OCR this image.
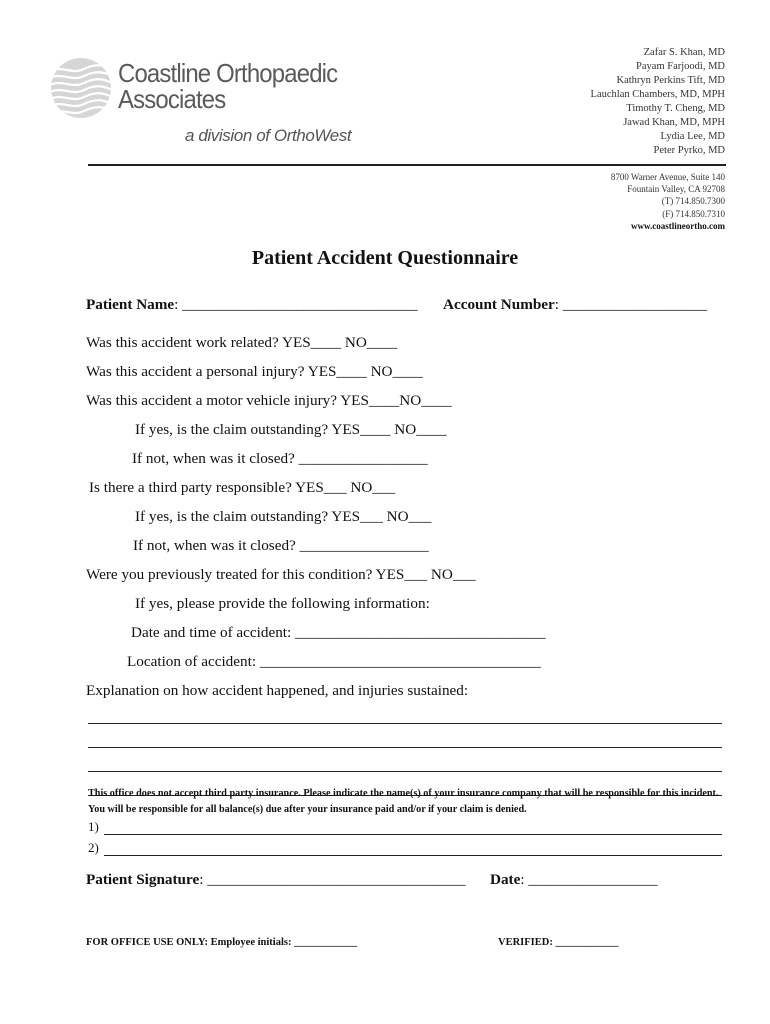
Coastline Orthopaedic
Associates
a division of OrthoWest
Zafar S. Khan, MD
Payam Farjoodi, MD
Kathryn Perkins Tift, MD
Lauchlan Chambers, MD, MPH
Timothy T. Cheng, MD
Jawad Khan, MD, MPH
Lydia Lee, MD
Peter Pyrko, MD
8700 Warner Avenue, Suite 140
Fountain Valley, CA 92708
(T) 714.850.7300
(F) 714.850.7310
www.coastlineortho.com
Patient Accident Questionnaire
Patient Name: _______________________________ Account Number: ___________________
Was this accident work related? YES____ NO____
Was this accident a personal injury? YES____ NO____
Was this accident a motor vehicle injury? YES____NO____
If yes, is the claim outstanding? YES____ NO____
If not, when was it closed? _________________
Is there a third party responsible? YES___ NO___
If yes, is the claim outstanding? YES___ NO___
If not, when was it closed? _________________
Were you previously treated for this condition? YES___ NO___
If yes, please provide the following information:
Date and time of accident: _________________________________
Location of accident: _____________________________________
Explanation on how accident happened, and injuries sustained:
This office does not accept third party insurance. Please indicate the name(s) of your insurance company that will be responsible for this incident. You will be responsible for all balance(s) due after your insurance paid and/or if your claim is denied.
1)
2)
Patient Signature: __________________________________ Date: _________________
FOR OFFICE USE ONLY: Employee initials: ____________	VERIFIED: ____________
